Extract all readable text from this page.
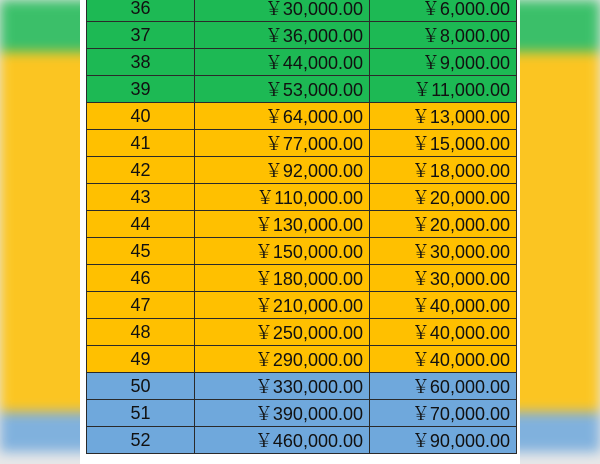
36	￥30,000.00	￥6,000.00
37	￥36,000.00	￥8,000.00
38	￥44,000.00	￥9,000.00
39	￥53,000.00	￥11,000.00
40	￥64,000.00	￥13,000.00
41	￥77,000.00	￥15,000.00
42	￥92,000.00	￥18,000.00
43	￥110,000.00	￥20,000.00
44	￥130,000.00	￥20,000.00
45	￥150,000.00	￥30,000.00
46	￥180,000.00	￥30,000.00
47	￥210,000.00	￥40,000.00
48	￥250,000.00	￥40,000.00
49	￥290,000.00	￥40,000.00
50	￥330,000.00	￥60,000.00
51	￥390,000.00	￥70,000.00
52	￥460,000.00	￥90,000.00
